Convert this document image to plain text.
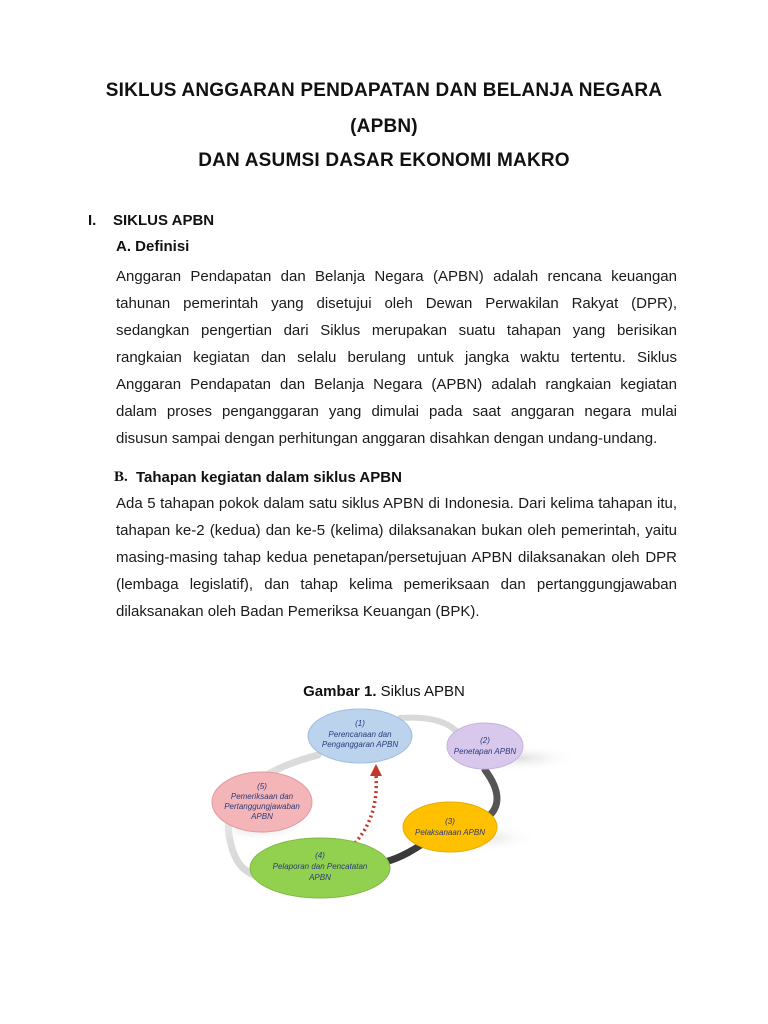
SIKLUS ANGGARAN PENDAPATAN DAN BELANJA NEGARA
(APBN)
DAN ASUMSI DASAR EKONOMI MAKRO
I. SIKLUS APBN
A. Definisi

Anggaran Pendapatan dan Belanja Negara (APBN) adalah rencana keuangan tahunan pemerintah yang disetujui oleh Dewan Perwakilan Rakyat (DPR), sedangkan pengertian dari Siklus merupakan suatu tahapan yang berisikan rangkaian kegiatan dan selalu berulang untuk jangka waktu tertentu. Siklus Anggaran Pendapatan dan Belanja Negara (APBN) adalah rangkaian kegiatan dalam proses penganggaran yang dimulai pada saat anggaran negara mulai disusun sampai dengan perhitungan anggaran disahkan dengan undang-undang.

B. Tahapan kegiatan dalam siklus APBN

Ada 5 tahapan pokok dalam satu siklus APBN di Indonesia. Dari kelima tahapan itu, tahapan ke-2 (kedua) dan ke-5 (kelima) dilaksanakan bukan oleh pemerintah, yaitu masing-masing tahap kedua penetapan/persetujuan APBN dilaksanakan oleh DPR (lembaga legislatif), dan tahap kelima pemeriksaan dan pertanggungjawaban dilaksanakan oleh Badan Pemeriksa Keuangan (BPK).

Gambar 1. Siklus APBN

(1)
Perencanaan dan
Penganggaran APBN	(2)
Penetapan APBN
(3)
Pelaksanaan APBN
(5)
Pemeriksaan dan
Pertanggungjawaban
APBN
(4)
Pelaporan dan Pencatatan
APBN
